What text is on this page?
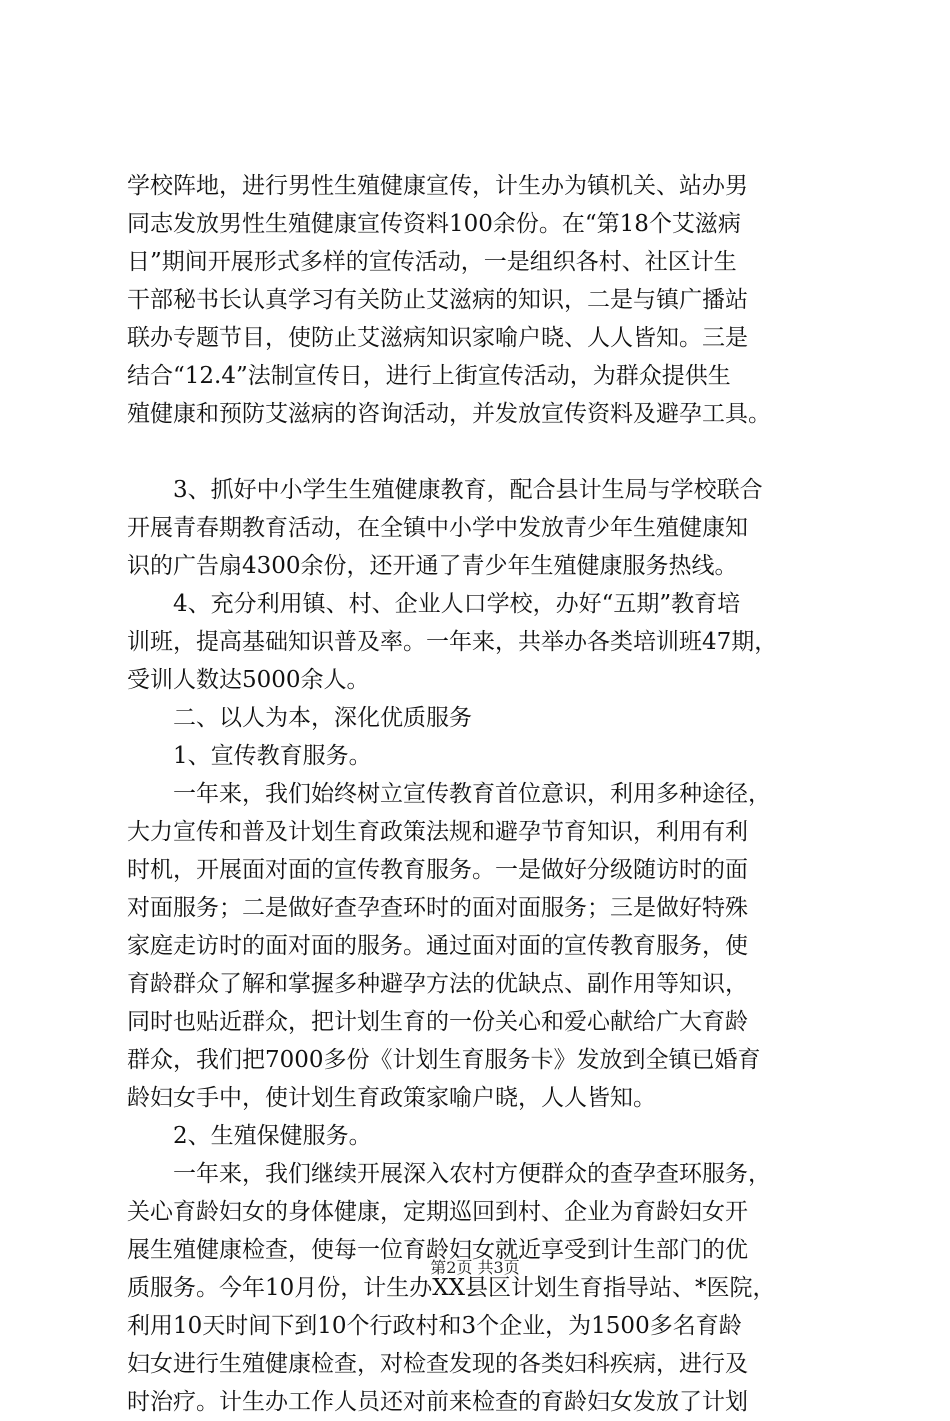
学校阵地，进行男性生殖健康宣传，计生办为镇机关、站办男
同志发放男性生殖健康宣传资料100余份。在“第18个艾滋病
日”期间开展形式多样的宣传活动，一是组织各村、社区计生
干部秘书长认真学习有关防止艾滋病的知识，二是与镇广播站
联办专题节目，使防止艾滋病知识家喻户晓、人人皆知。三是
结合“12.4”法制宣传日，进行上街宣传活动，为群众提供生
殖健康和预防艾滋病的咨询活动，并发放宣传资料及避孕工具。
　　3、抓好中小学生生殖健康教育，配合县计生局与学校联合
开展青春期教育活动，在全镇中小学中发放青少年生殖健康知
识的广告扇4300余份，还开通了青少年生殖健康服务热线。
　　4、充分利用镇、村、企业人口学校，办好“五期”教育培
训班，提高基础知识普及率。一年来，共举办各类培训班47期，
受训人数达5000余人。
　　二、以人为本，深化优质服务
　　1、宣传教育服务。
　　一年来，我们始终树立宣传教育首位意识，利用多种途径，
大力宣传和普及计划生育政策法规和避孕节育知识，利用有利
时机，开展面对面的宣传教育服务。一是做好分级随访时的面
对面服务；二是做好查孕查环时的面对面服务；三是做好特殊
家庭走访时的面对面的服务。通过面对面的宣传教育服务，使
育龄群众了解和掌握多种避孕方法的优缺点、副作用等知识，
同时也贴近群众，把计划生育的一份关心和爱心献给广大育龄
群众，我们把7000多份《计划生育服务卡》发放到全镇已婚育
龄妇女手中，使计划生育政策家喻户晓，人人皆知。
　　2、生殖保健服务。
　　一年来，我们继续开展深入农村方便群众的查孕查环服务，
关心育龄妇女的身体健康，定期巡回到村、企业为育龄妇女开
展生殖健康检查，使每一位育龄妇女就近享受到计生部门的优
质服务。今年10月份，计生办XX县区计划生育指导站、*医院，
利用10天时间下到10个行政村和3个企业，为1500多名育龄
妇女进行生殖健康检查，对检查发现的各类妇科疾病，进行及
时治疗。计生办工作人员还对前来检查的育龄妇女发放了计划
第2页 共3页
